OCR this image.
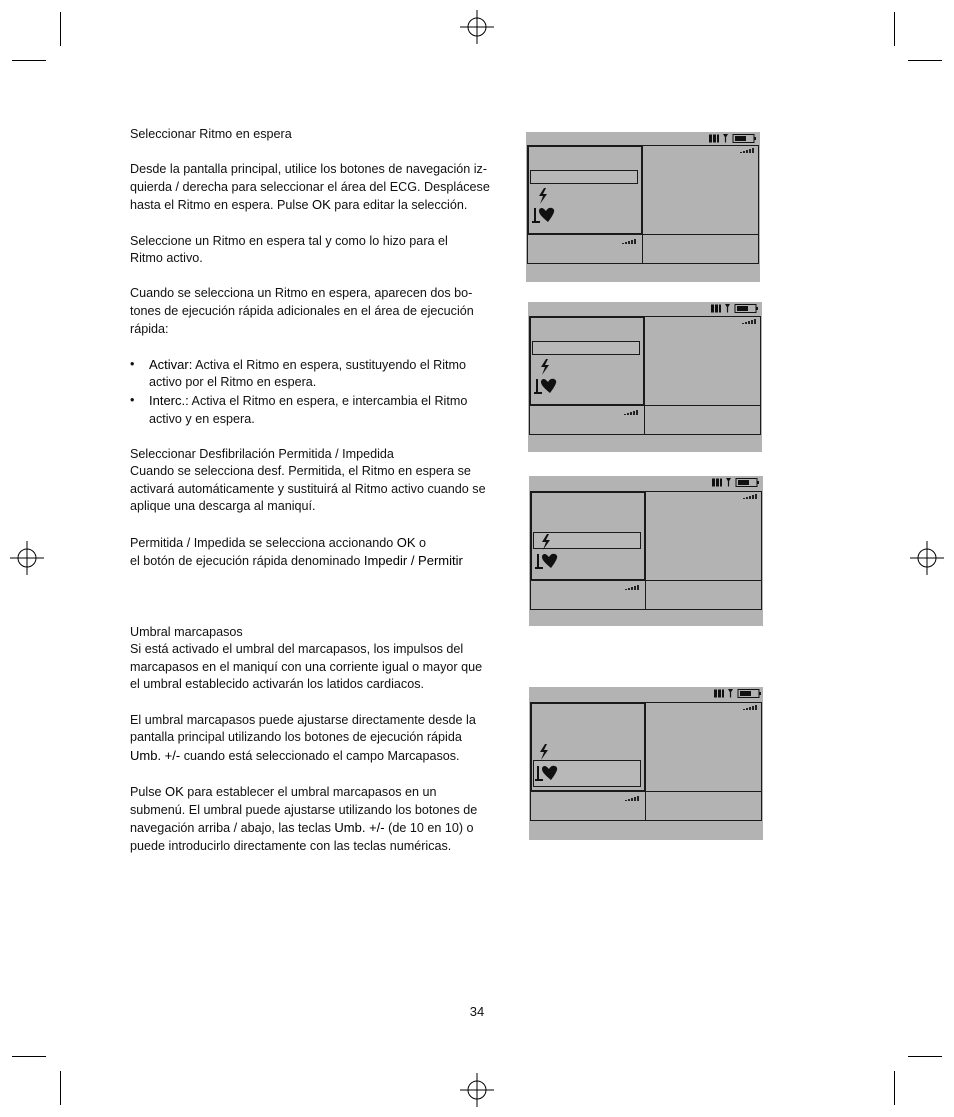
Seleccionar Ritmo en espera

Desde la pantalla principal, utilice los botones de navegación iz-

quierda / derecha para seleccionar el área del ECG. Desplácese

hasta el Ritmo en espera. Pulse OK para editar la selección.

Seleccione un Ritmo en espera tal y como lo hizo para el

Ritmo activo.

Cuando se selecciona un Ritmo en espera, aparecen dos bo-

tones de ejecución rápida adicionales en el área de ejecución

rápida:

• Activar: Activa el Ritmo en espera, sustituyendo el Ritmo
activo por el Ritmo en espera.
• Interc.: Activa el Ritmo en espera, e intercambia el Ritmo
activo y en espera.

Seleccionar Desfibrilación Permitida / Impedida

Cuando se selecciona desf. Permitida, el Ritmo en espera se

activará automáticamente y sustituirá al Ritmo activo cuando se

aplique una descarga al maniquí.

Permitida / Impedida se selecciona accionando OK o

el botón de ejecución rápida denominado Impedir / Permitir

Umbral marcapasos

Si está activado el umbral del marcapasos, los impulsos del

marcapasos en el maniquí con una corriente igual o mayor que

el umbral establecido activarán los latidos cardiacos.

El umbral marcapasos puede ajustarse directamente desde la

pantalla principal utilizando los botones de ejecución rápida

Umb. +/- cuando está seleccionado el campo Marcapasos.

Pulse OK para establecer el umbral marcapasos en un

submenú. El umbral puede ajustarse utilizando los botones de

navegación arriba / abajo, las teclas Umb. +/- (de 10 en 10) o

puede introducirlo directamente con las teclas numéricas.

34
